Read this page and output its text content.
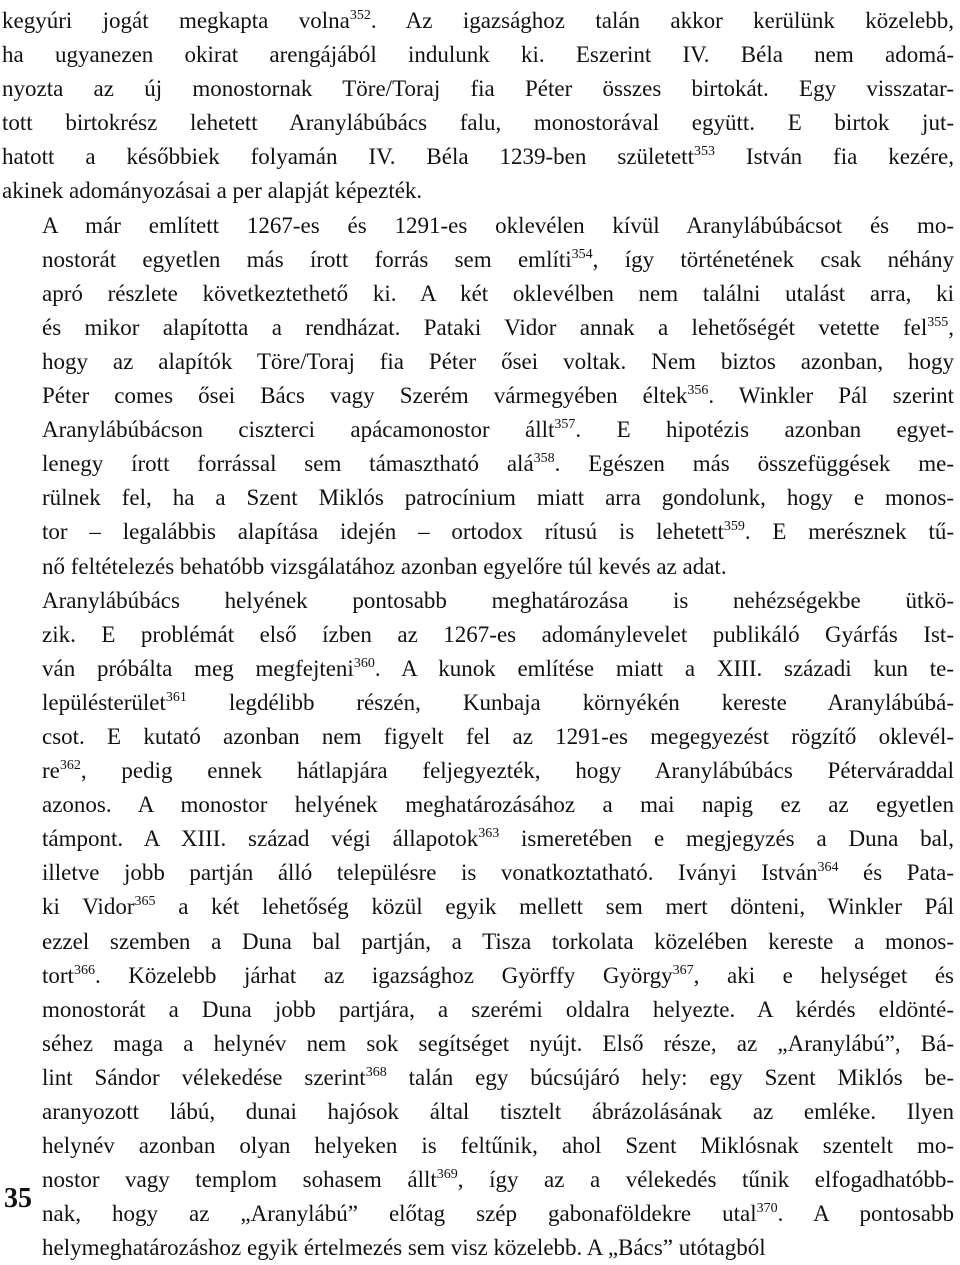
kegyúri jogát megkapta volna$^{352}$. Az igazsághoz talán akkor kerülünk közelebb,
ha ugyanezen okirat arengájából indulunk ki. Eszerint IV. Béla nem adomá-
nyozta az új monostornak Töre/Toraj fia Péter összes birtokát. Egy visszatar-
tott birtokrész lehetett Aranylábúbács falu, monostorával együtt. E birtok jut-
hatott a későbbiek folyamán IV. Béla 1239-ben született$^{353}$ István fia kezére,
akinek adományozásai a per alapját képezték.

A már említett 1267-es és 1291-es oklevélen kívül Aranylábúbácsot és mo-
nostorát egyetlen más írott forrás sem említi$^{354}$, így történetének csak néhány
apró részlete következtethető ki. A két oklevélben nem találni utalást arra, ki
és mikor alapította a rendházat. Pataki Vidor annak a lehetőségét vetette fel$^{355}$,
hogy az alapítók Töre/Toraj fia Péter ősei voltak. Nem biztos azonban, hogy
Péter comes ősei Bács vagy Szerém vármegyében éltek$^{356}$. Winkler Pál szerint
Aranylábúbácson ciszterci apácamonostor állt$^{357}$. E hipotézis azonban egyet-
lenegy írott forrással sem támasztható alá$^{358}$. Egészen más összefüggések me-
rülnek fel, ha a Szent Miklós patrocínium miatt arra gondolunk, hogy e monos-
tor – legalábbis alapítása idején – ortodox rítusú is lehetett$^{359}$. E merésznek tű-
nő feltételezés behatóbb vizsgálatához azonban egyelőre túl kevés az adat.

Aranylábúbács helyének pontosabb meghatározása is nehézségekbe ütkö-
zik. E problémát első ízben az 1267-es adománylevelet publikáló Gyárfás Ist-
ván próbálta meg megfejteni$^{360}$. A kunok említése miatt a XIII. századi kun te-
lepülésterület$^{361}$ legdélibb részén, Kunbaja környékén kereste Aranylábúbá-
csot. E kutató azonban nem figyelt fel az 1291-es megegyezést rögzítő oklevél-
$re^{362}$, pedig ennek hátlapjára feljegyezték, hogy Aranylábúbács Pétervárаddal
azonos. A monostor helyének meghatározásához a mai napig ez az egyetlen
támpont. A XIII. század végi állapotok$^{363}$ ismeretében e megjegyzés a Duna bal,
illetve jobb partján álló településre is vonatkoztatható. Iványi István$^{364}$ és Pata-
ki Vidor$^{365}$ a két lehetőség közül egyik mellett sem mert dönteni, Winkler Pál
ezzel szemben a Duna bal partján, a Tisza torkolata közelében kereste a monos-
tort$^{366}$. Közelebb járhat az igazsághoz Györffy György$^{367}$, aki e helységet és
monostorát a Duna jobb partjára, a szerémi oldalra helyezte. A kérdés eldönté-
séhez maga a helynév nem sok segítséget nyújt. Első része, az „Aranylábú”, Bá-
lint Sándor vélekedése szerint$^{368}$ talán egy búcsújáró hely: egy Szent Miklós be-
aranyozott lábú, dunai hajósok által tisztelt ábrázolásának az emléke. Ilyen
helynév azonban olyan helyeken is feltűnik, ahol Szent Miklósnak szentelt mo-
nostor vagy templom sohasem állt$^{369}$, így az a vélekedés tűnik elfogadhatóbb-
nak, hogy az „Aranylábú” előtag szép gabonaföldekre utal$^{370}$. A pontosabb
helymeghatározáshoz egyik értelmezés sem visz közelebb. A „Bács” utótagból

35
